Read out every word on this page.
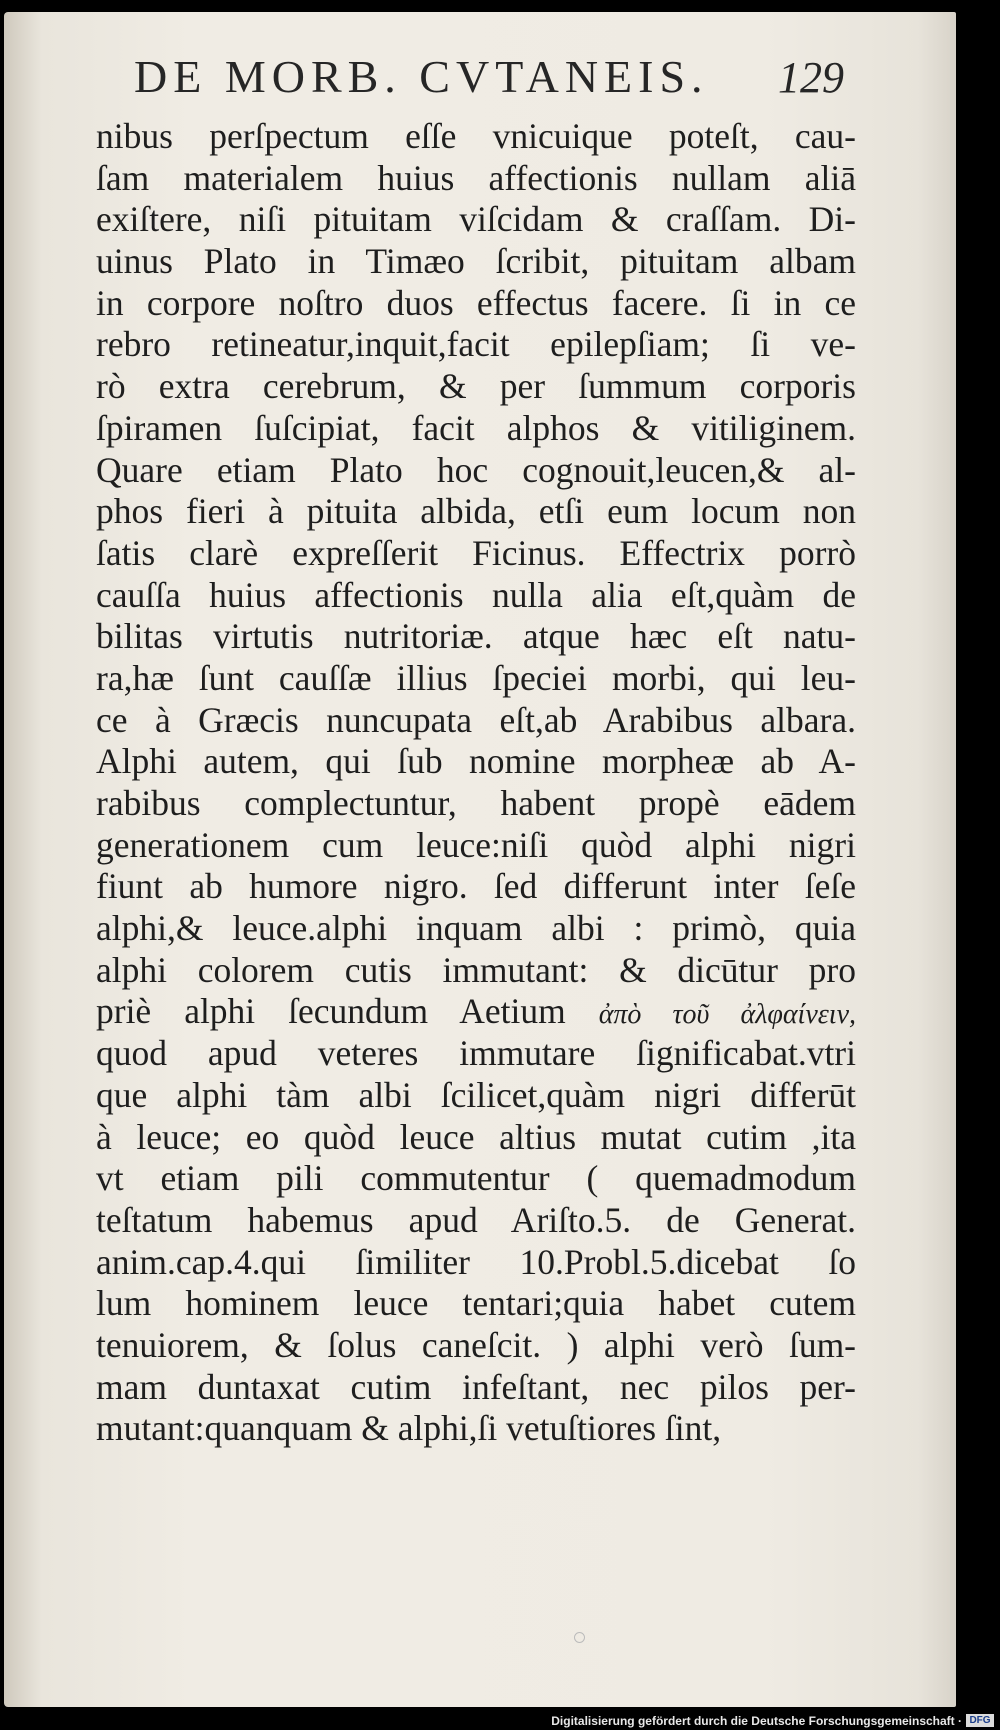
DE MORB. CVTANEIS. 129
nibus perſpectum eſſe vnicuique poteſt, cau-
ſam materialem huius affectionis nullam aliā
exiſtere, niſi pituitam viſcidam & craſſam. Di-
uinus Plato in Timæo ſcribit, pituitam albam
in corpore noſtro duos effectus facere. ſi in ce
rebro retineatur,inquit,facit epilepſiam; ſi ve-
rò extra cerebrum, & per ſummum corporis
ſpiramen ſuſcipiat, facit alphos & vitiliginem.
Quare etiam Plato hoc cognouit,leucen,& al-
phos fieri à pituita albida, etſi eum locum non
ſatis clarè expreſſerit Ficinus. Effectrix porrò
cauſſa huius affectionis nulla alia eſt,quàm de
bilitas virtutis nutritoriæ. atque hæc eſt natu-
ra,hæ ſunt cauſſæ illius ſpeciei morbi, qui leu-
ce à Græcis nuncupata eſt,ab Arabibus albara.
Alphi autem, qui ſub nomine morpheæ ab A-
rabibus complectuntur, habent propè eādem
generationem cum leuce:niſi quòd alphi nigri
fiunt ab humore nigro. ſed differunt inter ſeſe
alphi,& leuce.alphi inquam albi : primò, quia
alphi colorem cutis immutant: & dicūtur pro
priè alphi ſecundum Aetium ἀπὸ τοῦ ἀλφαίνειν,
quod apud veteres immutare ſignificabat.vtri
que alphi tàm albi ſcilicet,quàm nigri differūt
à leuce; eo quòd leuce altius mutat cutim ,ita
vt etiam pili commutentur ( quemadmodum
teſtatum habemus apud Ariſto.5. de Generat.
anim.cap.4.qui ſimiliter 10.Probl.5.dicebat ſo
lum hominem leuce tentari;quia habet cutem
tenuiorem, & ſolus caneſcit. ) alphi verò ſum-
mam duntaxat cutim infeſtant, nec pilos per-
mutant:quanquam & alphi,ſi vetuſtiores ſint,
Digitalisierung gefördert durch die Deutsche Forschungsgemeinschaft · DFG
